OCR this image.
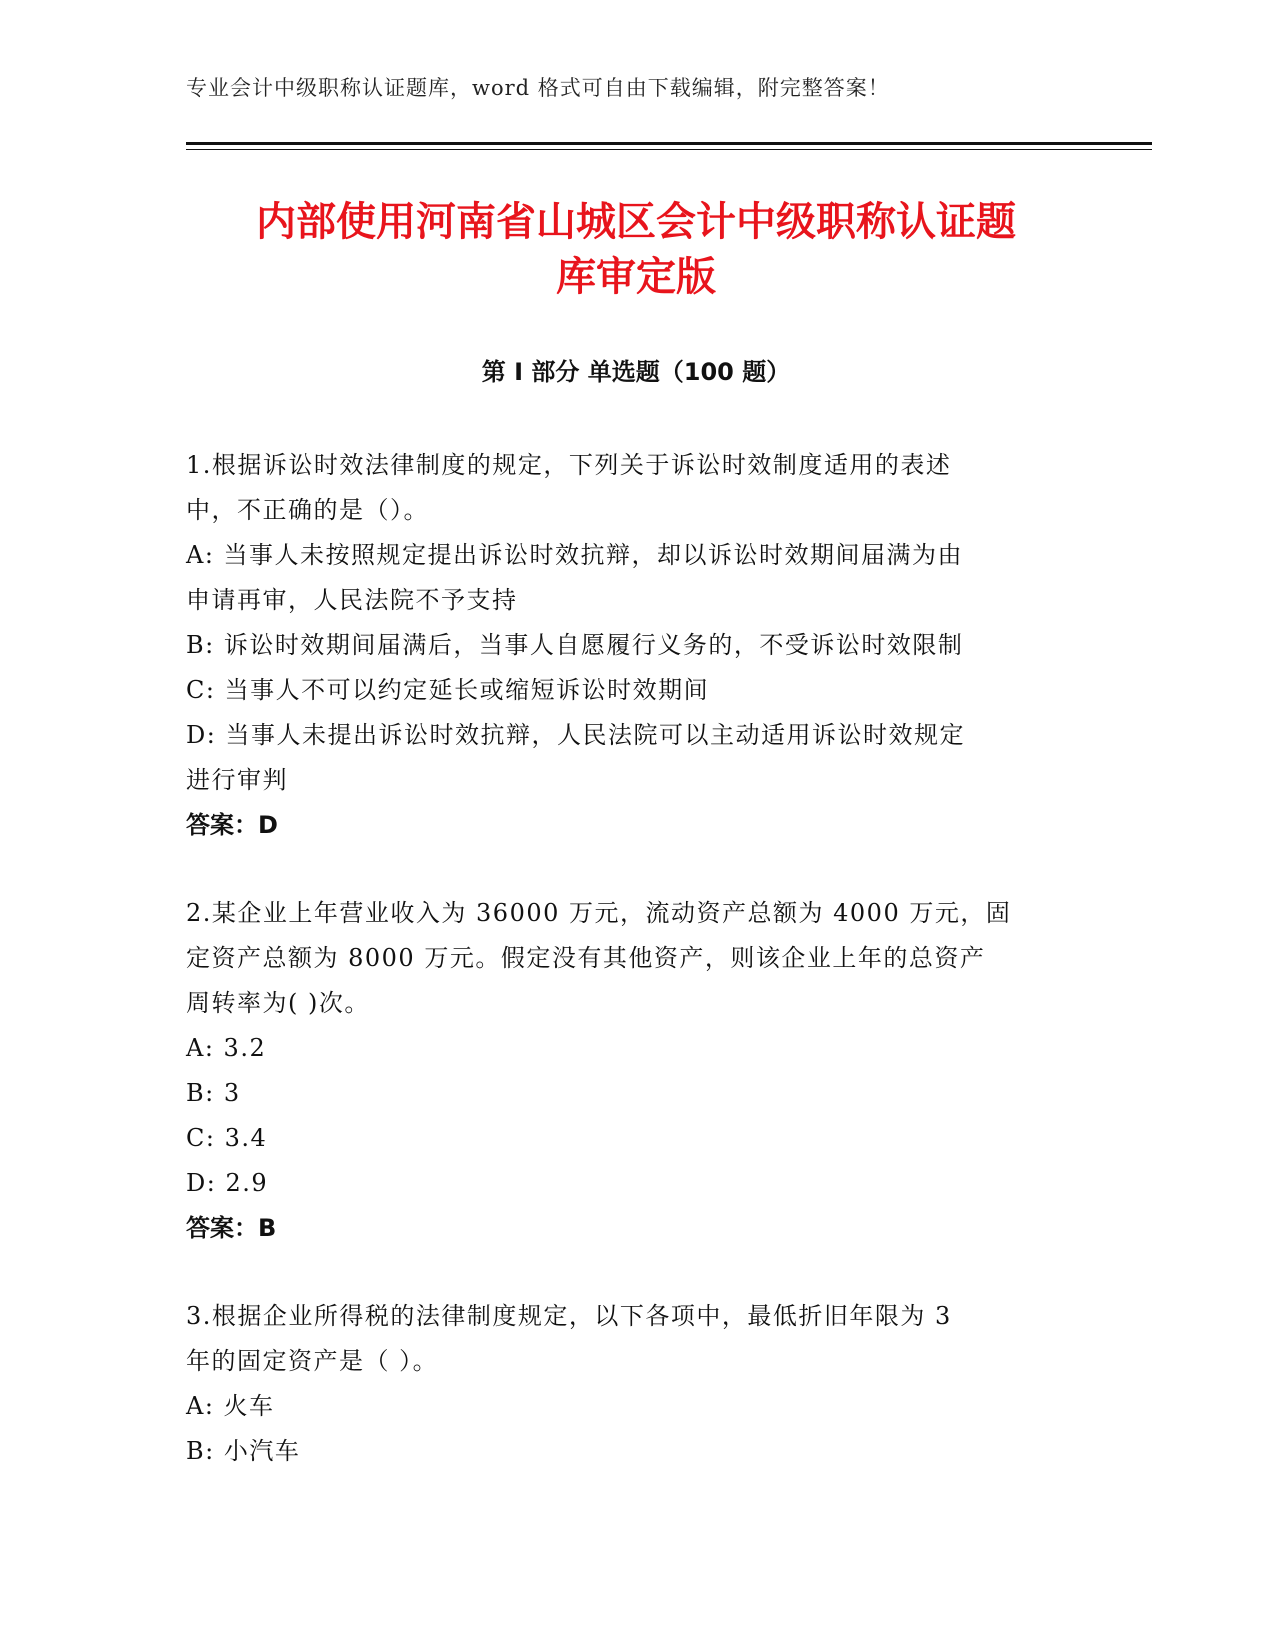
专业会计中级职称认证题库，word 格式可自由下载编辑，附完整答案！
内部使用河南省山城区会计中级职称认证题
库审定版
第 I 部分 单选题（100 题）
1.根据诉讼时效法律制度的规定，下列关于诉讼时效制度适用的表述
中，不正确的是（）。
A: 当事人未按照规定提出诉讼时效抗辩，却以诉讼时效期间届满为由
申请再审，人民法院不予支持
B: 诉讼时效期间届满后，当事人自愿履行义务的，不受诉讼时效限制
C: 当事人不可以约定延长或缩短诉讼时效期间
D: 当事人未提出诉讼时效抗辩，人民法院可以主动适用诉讼时效规定
进行审判
答案：D
2.某企业上年营业收入为 36000 万元，流动资产总额为 4000 万元，固
定资产总额为 8000 万元。假定没有其他资产，则该企业上年的总资产
周转率为( )次。
A: 3.2
B: 3
C: 3.4
D: 2.9
答案：B
3.根据企业所得税的法律制度规定，以下各项中，最低折旧年限为 3
年的固定资产是（ ）。
A: 火车
B: 小汽车
